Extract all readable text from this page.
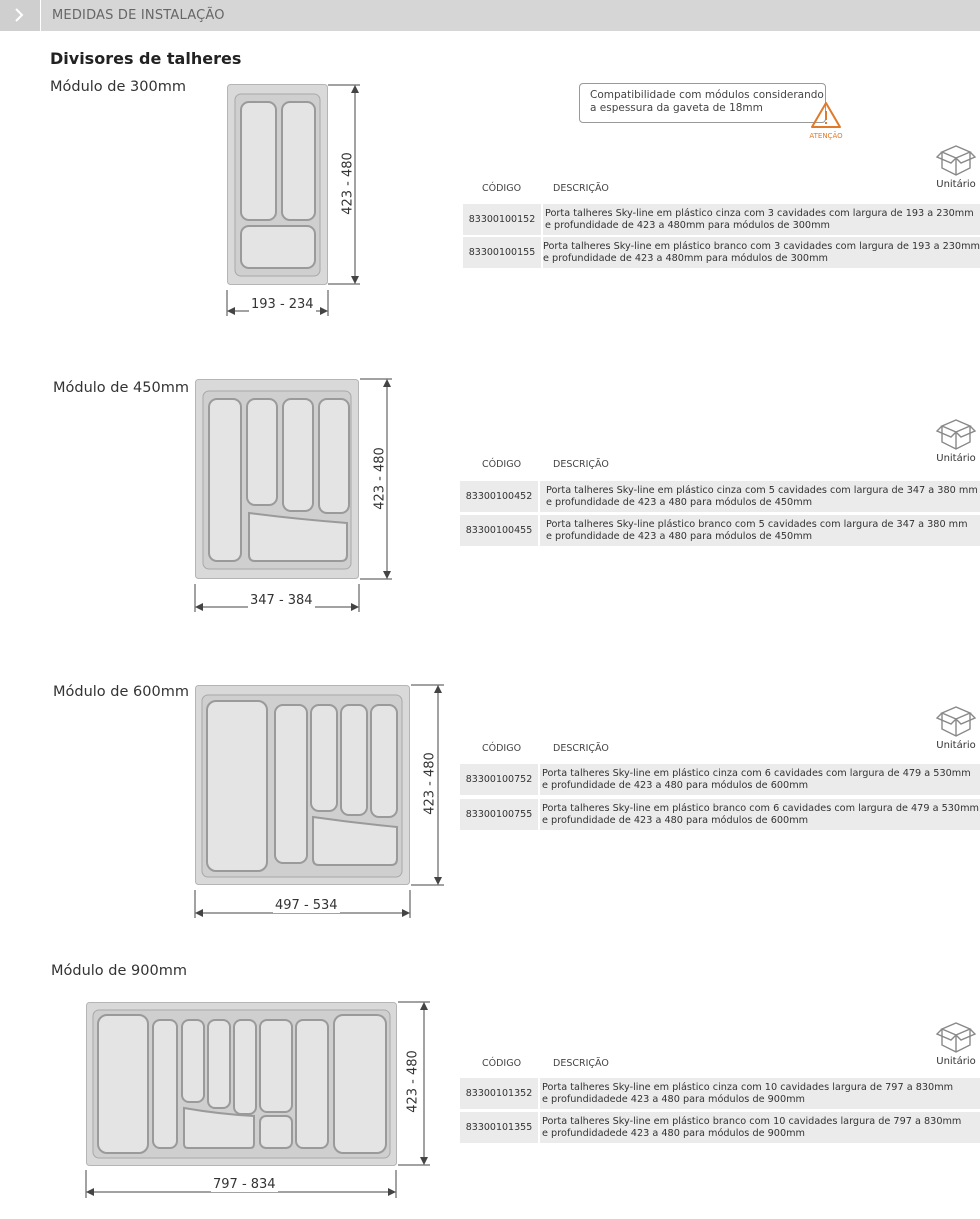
MEDIDAS DE INSTALAÇÃO
Divisores de talheres
Compatibilidade com módulos considerando
a espessura da gaveta de 18mm
ATENÇÃO
Módulo de 300mm
Módulo de 450mm
Módulo de 600mm
Módulo de 900mm
193 - 234
423 - 480
347 - 384
423 - 480
497 - 534
423 - 480
797 - 834
423 - 480
Unitário
Unitário
Unitário
Unitário
CÓDIGO	DESCRIÇÃO
83300100152
Porta talheres Sky-line em plástico cinza com 3 cavidades com largura de 193 a 230mm
e profundidade de 423 a 480mm para módulos de 300mm
83300100155
Porta talheres Sky-line em plástico branco com 3 cavidades com largura de 193 a 230mm
e profundidade de 423 a 480mm para módulos de 300mm
CÓDIGO	DESCRIÇÃO
83300100452
Porta talheres Sky-line em plástico cinza com 5 cavidades com largura de 347 a 380 mm
e profundidade de 423 a 480 para módulos de 450mm
83300100455
Porta talheres Sky-line plástico branco com 5 cavidades com largura de 347 a 380 mm
e profundidade de 423 a 480 para módulos de 450mm
CÓDIGO	DESCRIÇÃO
83300100752
Porta talheres Sky-line em plástico cinza com 6 cavidades com largura de 479 a 530mm
e profundidade de 423 a 480 para módulos de 600mm
83300100755
Porta talheres Sky-line em plástico branco com 6 cavidades com largura de 479 a 530mm
e profundidade de 423 a 480 para módulos de 600mm
CÓDIGO	DESCRIÇÃO
83300101352
Porta talheres Sky-line em plástico cinza com 10 cavidades largura de 797 a 830mm
e profundidadede 423 a 480 para módulos de 900mm
83300101355
Porta talheres Sky-line em plástico branco com 10 cavidades largura de 797 a 830mm
e profundidadede 423 a 480 para módulos de 900mm
